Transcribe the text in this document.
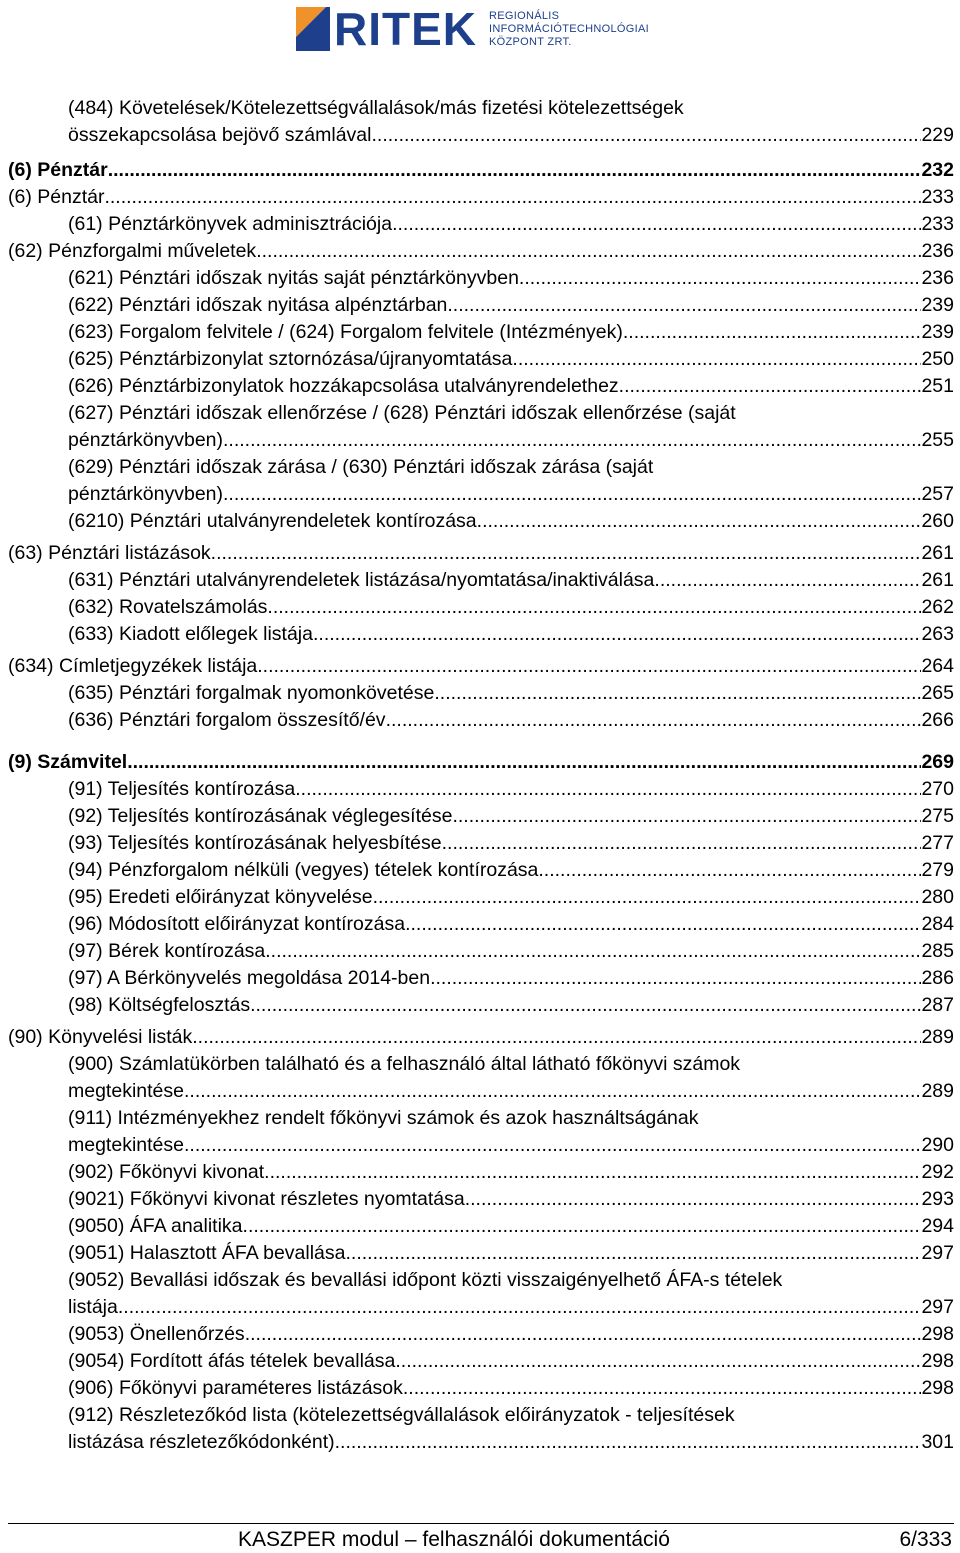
RITEK REGIONÁLIS
INFORMÁCIÓTECHNOLÓGIAI
KÖZPONT ZRT.
(484) Követelések/Kötelezettségvállalások/más fizetési kötelezettségek
összekapcsolása bejövő számlával .....	229
(6) Pénztár .....	232
(6) Pénztár .....	233
(61) Pénztárkönyvek adminisztrációja .....	233
(62) Pénzforgalmi műveletek .....	236
(621) Pénztári időszak nyitás saját pénztárkönyvben .....	236
(622) Pénztári időszak nyitása alpénztárban .....	239
(623) Forgalom felvitele / (624) Forgalom felvitele (Intézmények) .....	239
(625) Pénztárbizonylat sztornózása/újranyomtatása .....	250
(626) Pénztárbizonylatok hozzákapcsolása utalványrendelethez .....	251
(627) Pénztári időszak ellenőrzése / (628) Pénztári időszak ellenőrzése (saját
pénztárkönyvben) .....	255
(629) Pénztári időszak zárása / (630) Pénztári időszak zárása (saját
pénztárkönyvben) .....	257
(6210) Pénztári utalványrendeletek kontírozása .....	260
(63) Pénztári listázások .....	261
(631) Pénztári utalványrendeletek listázása/nyomtatása/inaktiválása .....	261
(632) Rovatelszámolás .....	262
(633) Kiadott előlegek listája .....	263
(634) Címletjegyzékek listája .....	264
(635) Pénztári forgalmak nyomonkövetése .....	265
(636) Pénztári forgalom összesítő/év .....	266
(9) Számvitel .....	269
(91) Teljesítés kontírozása .....	270
(92) Teljesítés kontírozásának véglegesítése .....	275
(93) Teljesítés kontírozásának helyesbítése .....	277
(94) Pénzforgalom nélküli (vegyes) tételek kontírozása .....	279
(95) Eredeti előirányzat könyvelése .....	280
(96) Módosított előirányzat kontírozása .....	284
(97) Bérek kontírozása .....	285
(97) A Bérkönyvelés megoldása 2014-ben .....	286
(98) Költségfelosztás .....	287
(90) Könyvelési listák .....	289
(900) Számlatükörben található és a felhasználó által látható főkönyvi számok
megtekintése .....	289
(911) Intézményekhez rendelt főkönyvi számok és azok használtságának
megtekintése .....	290
(902) Főkönyvi kivonat .....	292
(9021) Főkönyvi kivonat részletes nyomtatása .....	293
(9050) ÁFA analitika .....	294
(9051) Halasztott ÁFA bevallása .....	297
(9052) Bevallási időszak és bevallási időpont közti visszaigényelhető ÁFA-s tételek
listája .....	297
(9053) Önellenőrzés .....	298
(9054) Fordított áfás tételek bevallása .....	298
(906) Főkönyvi paraméteres listázások .....	298
(912) Részletezőkód lista (kötelezettségvállalások előirányzatok - teljesítések
listázása részletezőkódonként) .....	301
KASZPER modul – felhasználói dokumentáció	6/333
